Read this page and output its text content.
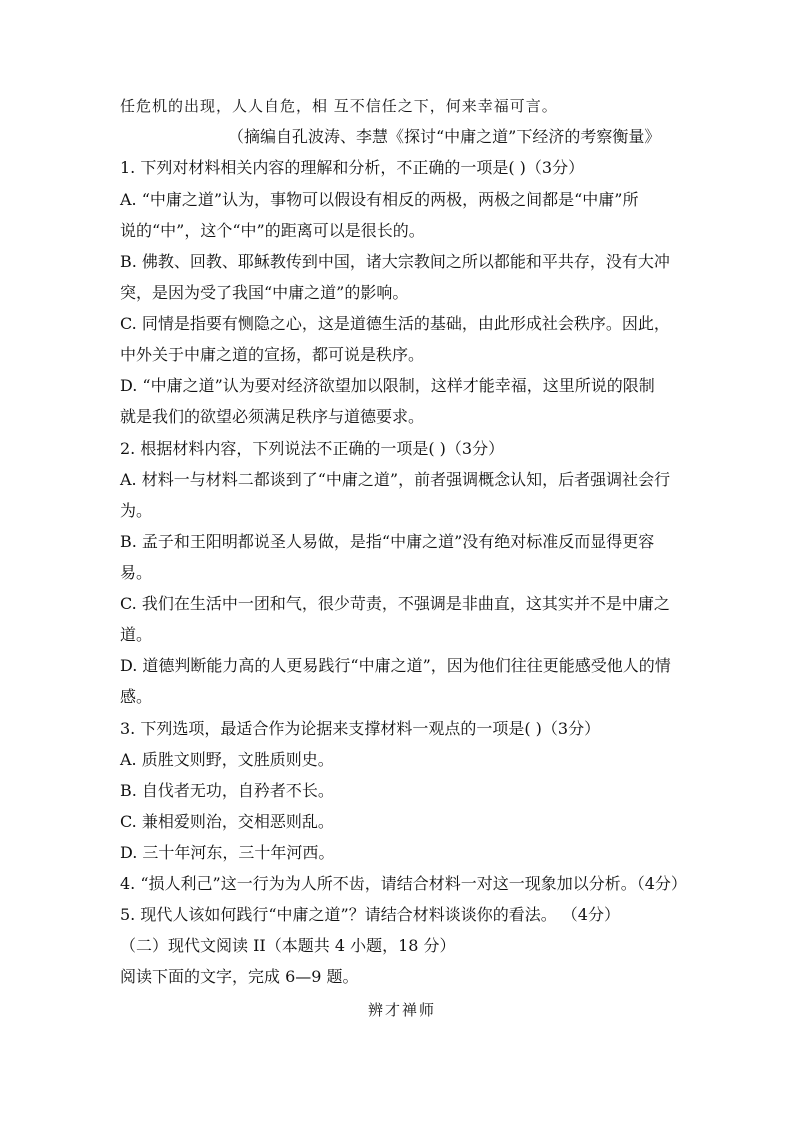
任危机的出现，人人自危，相 互不信任之下，何来幸福可言。
（摘编自孔波涛、李慧《探讨“中庸之道”下经济的考察衡量》
1. 下列对材料相关内容的理解和分析，不正确的一项是( )（3分）
A. “中庸之道”认为，事物可以假设有相反的两极，两极之间都是“中庸”所
说的“中”，这个“中”的距离可以是很长的。
B. 佛教、回教、耶稣教传到中国，诸大宗教间之所以都能和平共存，没有大冲
突，是因为受了我国“中庸之道”的影响。
C. 同情是指要有恻隐之心，这是道德生活的基础，由此形成社会秩序。因此，
中外关于中庸之道的宣扬，都可说是秩序。
D. “中庸之道”认为要对经济欲望加以限制，这样才能幸福，这里所说的限制
就是我们的欲望必须满足秩序与道德要求。
2. 根据材料内容，下列说法不正确的一项是( )（3分）
A. 材料一与材料二都谈到了“中庸之道”，前者强调概念认知，后者强调社会行
为。
B. 孟子和王阳明都说圣人易做，是指“中庸之道”没有绝对标准反而显得更容
易。
C. 我们在生活中一团和气，很少苛责，不强调是非曲直，这其实并不是中庸之
道。
D. 道德判断能力高的人更易践行“中庸之道”，因为他们往往更能感受他人的情
感。
3. 下列选项，最适合作为论据来支撑材料一观点的一项是( )（3分）
A. 质胜文则野，文胜质则史。
B. 自伐者无功，自矜者不长。
C. 兼相爱则治，交相恶则乱。
D. 三十年河东，三十年河西。
4. “损人利己”这一行为为人所不齿，请结合材料一对这一现象加以分析。（4分）
5. 现代人该如何践行“中庸之道”？请结合材料谈谈你的看法。 （4分）
（二）现代文阅读 II（本题共 4 小题，18 分）
阅读下面的文字，完成 6—9 题。
辨才禅师
